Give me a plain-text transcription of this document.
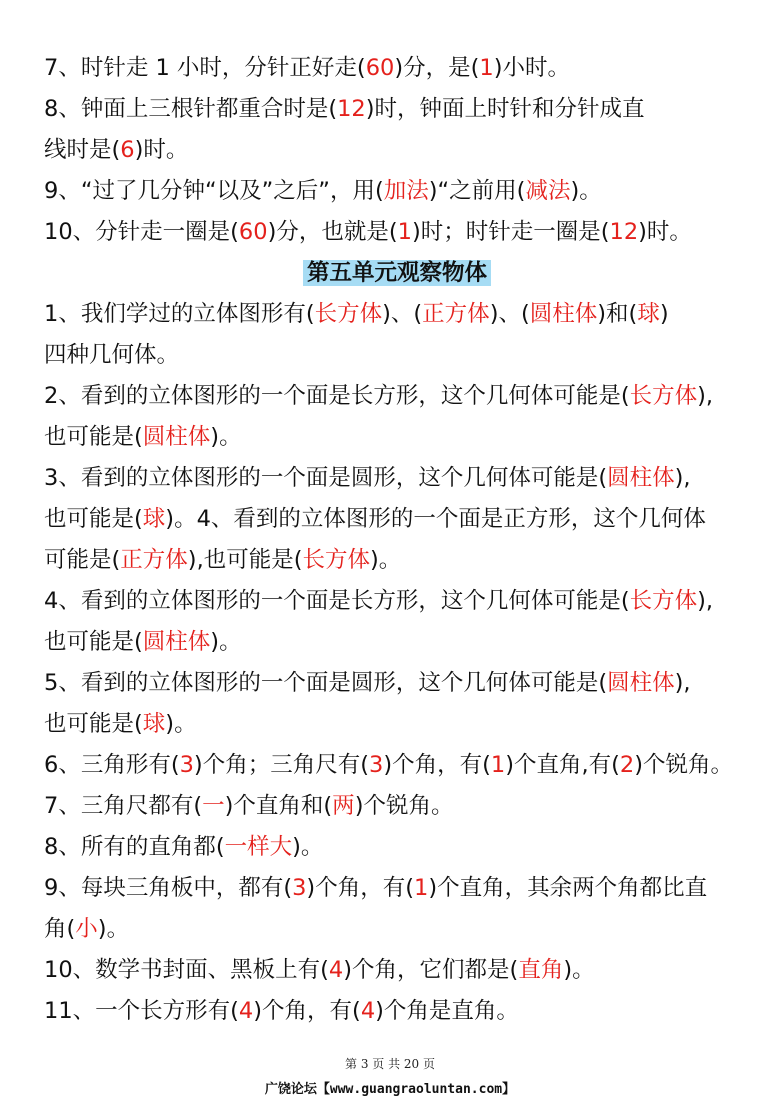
7、时针走 1 小时，分针正好走(60)分，是(1)小时。
8、钟面上三根针都重合时是(12)时，钟面上时针和分针成直
线时是(6)时。
9、“过了几分钟“以及”之后”，用(加法)“之前用(减法)。
10、分针走一圈是(60)分，也就是(1)时；时针走一圈是(12)时。
第五单元观察物体
1、我们学过的立体图形有(长方体)、(正方体)、(圆柱体)和(球)
四种几何体。
2、看到的立体图形的一个面是长方形，这个几何体可能是(长方体),
也可能是(圆柱体)。
3、看到的立体图形的一个面是圆形，这个几何体可能是(圆柱体),
也可能是(球)。4、看到的立体图形的一个面是正方形，这个几何体
可能是(正方体),也可能是(长方体)。
4、看到的立体图形的一个面是长方形，这个几何体可能是(长方体),
也可能是(圆柱体)。
5、看到的立体图形的一个面是圆形，这个几何体可能是(圆柱体),
也可能是(球)。
6、三角形有(3)个角；三角尺有(3)个角，有(1)个直角,有(2)个锐角。
7、三角尺都有(一)个直角和(两)个锐角。
8、所有的直角都(一样大)。
9、每块三角板中，都有(3)个角，有(1)个直角，其余两个角都比直
角(小)。
10、数学书封面、黑板上有(4)个角，它们都是(直角)。
11、一个长方形有(4)个角，有(4)个角是直角。
第 3 页 共 20 页
广饶论坛【www.guangraoluntan.com】
